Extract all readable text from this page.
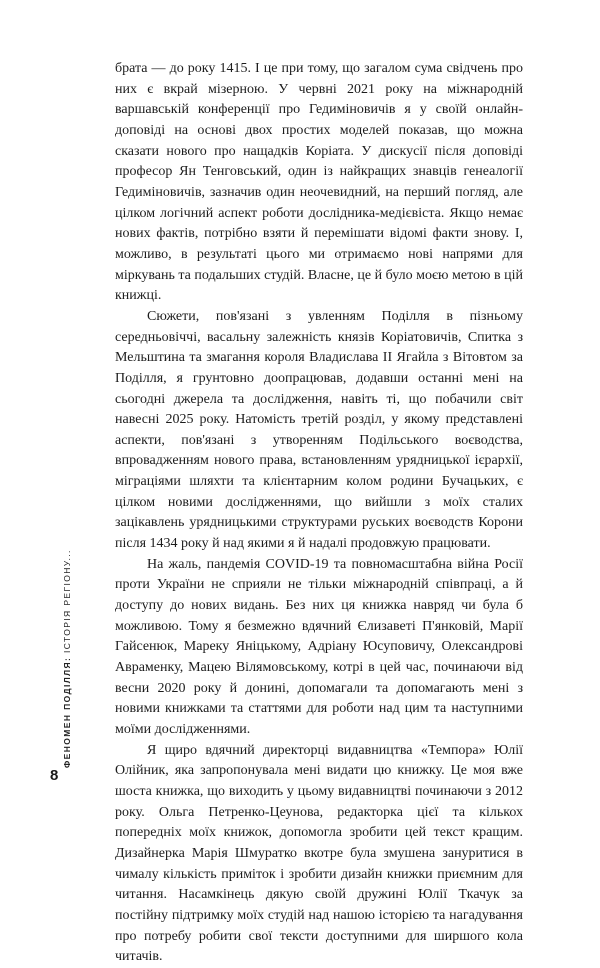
брата — до року 1415. І це при тому, що загалом сума свідчень про них є вкрай мізерною. У червні 2021 року на міжнародній варшавській конференції про Гедиміновичів я у своїй онлайн-доповіді на основі двох простих моделей показав, що можна сказати нового про нащадків Коріата. У дискусії після доповіді професор Ян Тенговський, один із найкращих знавців генеалогії Гедиміновичів, зазначив один неочевидний, на перший погляд, але цілком логічний аспект роботи дослідника-медієвіста. Якщо немає нових фактів, потрібно взяти й перемішати відомі факти знову. І, можливо, в результаті цього ми отримаємо нові напрями для міркувань та подальших студій. Власне, це й було моєю метою в цій книжці.

Сюжети, пов'язані з увленням Поділля в пізньому середньовіччі, васальну залежність князів Коріатовичів, Спитка з Мельштина та змагання короля Владислава ІІ Ягайла з Вітовтом за Поділля, я грунтовно доопрацював, додавши останні мені на сьогодні джерела та дослідження, навіть ті, що побачили світ навесні 2025 року. Натомість третій розділ, у якому представлені аспекти, пов'язані з утворенням Подільського воєводства, впровадженням нового права, встановленням урядницької ієрархії, міграціями шляхти та клієнтарним колом родини Бучацьких, є цілком новими дослідженнями, що вийшли з моїх сталих зацікавлень урядницькими структурами руських воєводств Корони після 1434 року й над якими я й надалі продовжую працювати.

На жаль, пандемія COVID-19 та повномасштабна війна Росії проти України не сприяли не тільки міжнародній співпраці, а й доступу до нових видань. Без них ця книжка навряд чи була б можливою. Тому я безмежно вдячний Єлизаветі П'янковій, Марії Гайсенюк, Мареку Яніцькому, Адріану Юсуповичу, Олександрові Авраменку, Мацею Вілямовському, котрі в цей час, починаючи від весни 2020 року й донині, допомагали та допомагають мені з новими книжками та статтями для роботи над цим та наступними моїми дослідженнями.

Я щиро вдячний директорці видавництва «Темпора» Юлії Олійник, яка запропонувала мені видати цю книжку. Це моя вже шоста книжка, що виходить у цьому видавництві починаючи з 2012 року. Ольга Петренко-Цеунова, редакторка цієї та кількох попередніх моїх книжок, допомогла зробити цей текст кращим. Дизайнерка Марія Шмуратко вкотре була змушена зануритися в чималу кількість приміток і зробити дизайн книжки приємним для читання. Насамкінець дякую своїй дружині Юлії Ткачук за постійну підтримку моїх студій над нашою історією та нагадування про потребу робити свої тексти доступними для ширшого кола читачів.

ФЕНОМЕН ПОДІЛЛЯ: ІСТОРІЯ РЕГІОНУ...
8
